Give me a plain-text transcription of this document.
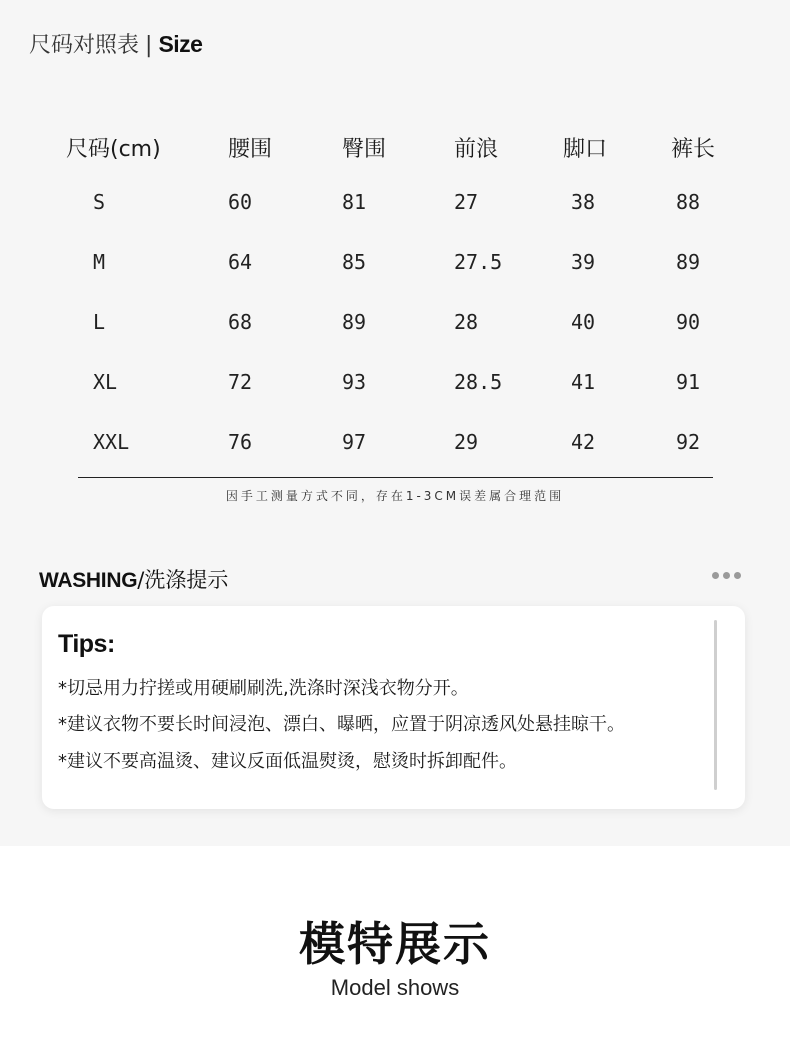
尺码对照表 | Size
尺码(cm)	腰围	臀围	前浪	脚口	裤长
S	60	81	27	38	88
M	64	85	27.5	39	89
L	68	89	28	40	90
XL	72	93	28.5	41	91
XXL	76	97	29	42	92
因手工测量方式不同，存在1-3CM误差属合理范围
WASHING/洗涤提示
Tips:
*切忌用力拧搓或用硬刷刷洗,洗涤时深浅衣物分开。
*建议衣物不要长时间浸泡、漂白、曝晒，应置于阴凉透风处悬挂晾干。
*建议不要高温烫、建议反面低温熨烫，慰烫时拆卸配件。
模特展示
Model shows
